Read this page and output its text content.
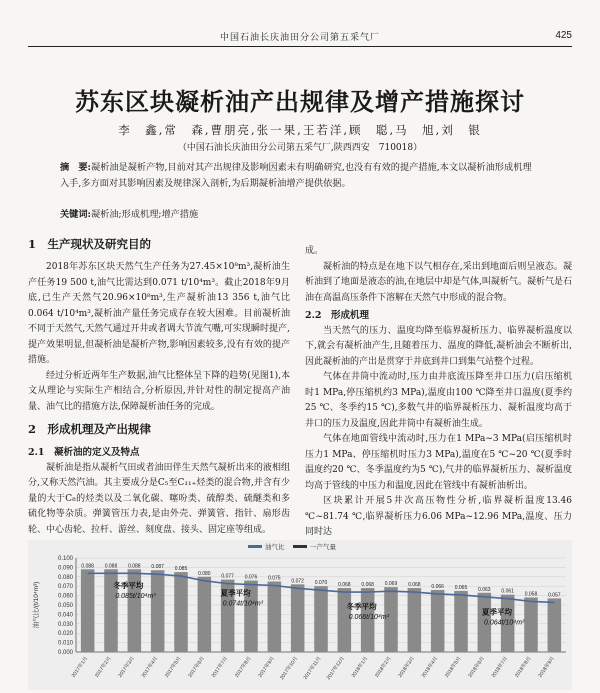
中国石油长庆油田分公司第五采气厂	425
苏东区块凝析油产出规律及增产措施探讨
李　鑫,常　森,曹朋亮,张一果,王若洋,顾　聪,马　旭,刘　银
（中国石油长庆油田分公司第五采气厂,陕西西安　710018）
摘　要:凝析油是凝析产物,目前对其产出规律及影响因素未有明确研究,也没有有效的提产措施,本文以凝析油形成机理入手,多方面对其影响因素及规律深入剖析,为后期凝析油增产提供依据。
关键词:凝析油;形成机理;增产措施
1　生产现状及研究目的

2018年苏东区块天然气生产任务为27.45×10⁸m³,凝析油生产任务19 500 t,油气比需达到0.071 t/10⁴m³。截止2018年9月底,已生产天然气20.96×10⁸m³,生产凝析油13 356 t,油气比0.064 t/10⁴m³,凝析油产量任务完成存在较大困难。目前凝析油不同于天然气,天然气通过开井或者调大节流气嘴,可实现瞬时提产,提产效果明显,但凝析油是凝析产物,影响因素较多,没有有效的提产措施。

经过分析近两年生产数据,油气比整体呈下降的趋势(见图1),本文从理论与实际生产相结合,分析原因,并针对性的制定提高产油量、油气比的措施方法,保障凝析油任务的完成。

2　形成机理及产出规律
2.1　凝析油的定义及特点

凝析油是指从凝析气田或者油田伴生天然气凝析出来的液相组分,又称天然汽油。其主要成分是C₅至C₁₁₊烃类的混合物,并含有少量的大于C₈的烃类以及二氧化碳、噻吩类、硫醇类、硫醚类和多硫化物等杂质。弹簧管压力表,是由外壳、弹簧管、指针、扇形齿轮、中心齿轮、拉杆、游丝、刻度盘、接头、固定座等组成。

成。

凝析油的特点是在地下以气相存在,采出到地面后则呈液态。凝析油到了地面是液态的油,在地层中却是气体,叫凝析气。凝析气是石油在高温高压条件下溶解在天然气中形成的混合物。

2.2　形成机理

当天然气的压力、温度均降至临界凝析压力、临界凝析温度以下,就会有凝析油产生,且随着压力、温度的降低,凝析油会不断析出,因此凝析油的产出是贯穿于井底到井口到集气站整个过程。

气体在井筒中流动时,压力由井底流压降至井口压力(启压缩机时1 MPa,停压缩机约3 MPa),温度由100 ℃降至井口温度(夏季约25 ℃、冬季约15 ℃),多数气井的临界凝析压力、凝析温度均高于井口的压力及温度,因此井筒中有凝析油生成。

气体在地面管线中流动时,压力在1 MPa~3 MPa(启压缩机时压力1 MPa、停压缩机时压力3 MPa),温度在5 ℃~20 ℃(夏季时温度约20 ℃、冬季温度约为5 ℃),气井的临界凝析压力、凝析温度均高于管线的中压力和温度,因此在管线中有凝析油析出。

区块累计开展5井次高压物性分析,临界凝析温度13.46 ℃~81.74 ℃,临界凝析压力6.06 MPa~12.96 MPa,温度、压力同时达

油气比	一产气量
0.000
0.010
0.020
0.030
0.040
0.050
0.060
0.070
0.080
0.090
0.100
油气比/(t/10⁴m³)
0.088
2017年1月
0.088
2017年2月
0.088
2017年3月
0.087
2017年4月
0.085
2017年5月
0.080
2017年6月
0.077
2017年7月
0.076
2017年8月
0.075
2017年9月
0.072
2017年10月
0.070
2017年11月
0.068
2017年12月
0.068
2018年1月
0.069
2018年2月
0.068
2018年3月
0.066
2018年4月
0.065
2018年5月
0.063
2018年6月
0.061
2018年7月
0.058
2018年8月
0.057
2018年9月
冬季平均
0.085t/10⁴m³	夏季平均
0.074t/10⁴m³	冬季平均
0.066t/10⁴m³
夏季平均
0.064t/10⁴m³
